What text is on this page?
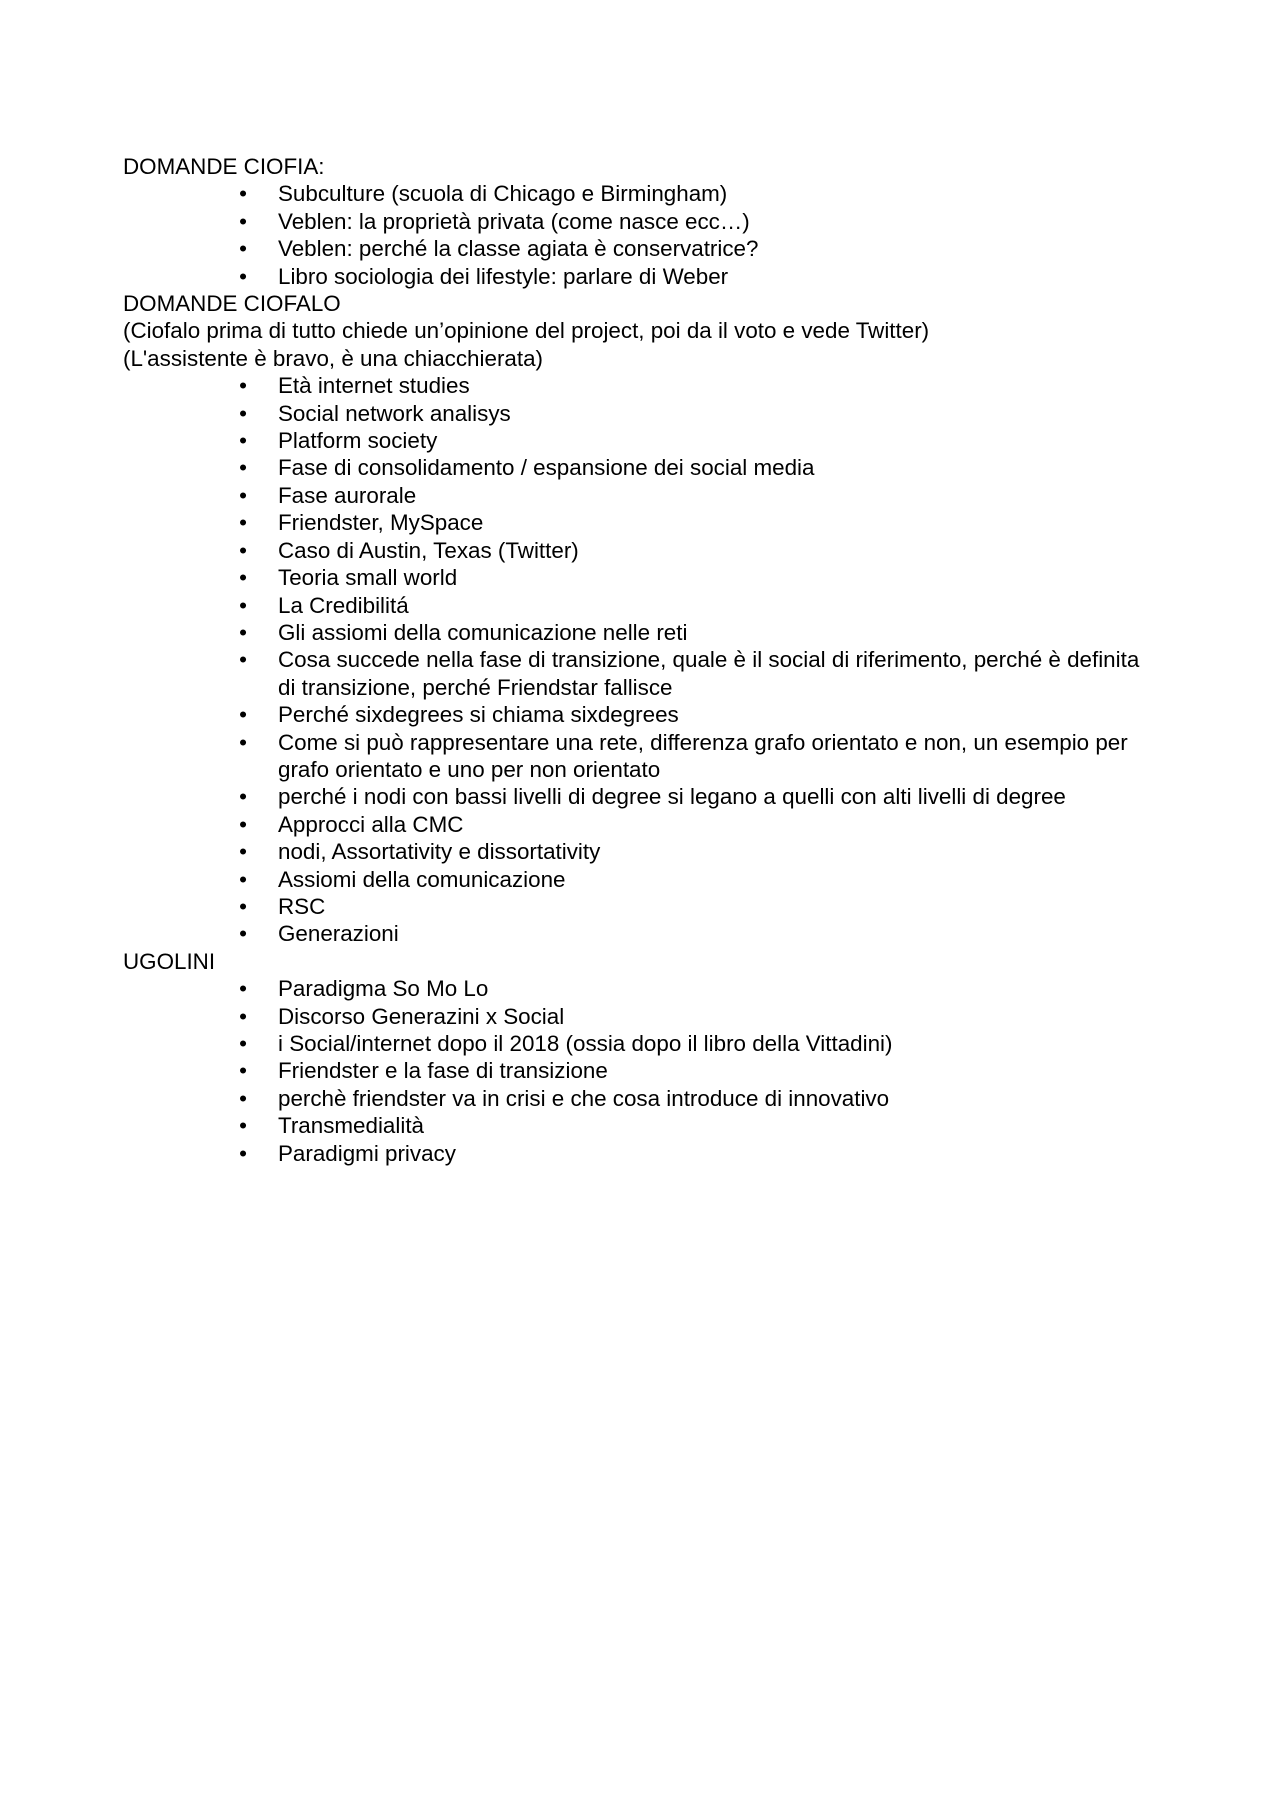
DOMANDE CIOFIA:

• Subculture (scuola di Chicago e Birmingham)
• Veblen: la proprietà privata (come nasce ecc…)
• Veblen: perché la classe agiata è conservatrice?
• Libro sociologia dei lifestyle: parlare di Weber

DOMANDE CIOFALO

(Ciofalo prima di tutto chiede un’opinione del project, poi da il voto e vede Twitter)

(L'assistente è bravo, è una chiacchierata)

• Età internet studies
• Social network analisys
• Platform society
• Fase di consolidamento / espansione dei social media
• Fase aurorale
• Friendster, MySpace
• Caso di Austin, Texas (Twitter)
• Teoria small world
• La Credibilitá
• Gli assiomi della comunicazione nelle reti
• Cosa succede nella fase di transizione, quale è il social di riferimento, perché è definita di transizione, perché Friendstar fallisce
• Perché sixdegrees si chiama sixdegrees
• Come si può rappresentare una rete, differenza grafo orientato e non, un esempio per grafo orientato e uno per non orientato
• perché i nodi con bassi livelli di degree si legano a quelli con alti livelli di degree
• Approcci alla CMC
• nodi, Assortativity e dissortativity
• Assiomi della comunicazione
• RSC
• Generazioni

UGOLINI

• Paradigma So Mo Lo
• Discorso Generazini x Social
• i Social/internet dopo il 2018 (ossia dopo il libro della Vittadini)
• Friendster e la fase di transizione
• perchè friendster va in crisi e che cosa introduce di innovativo
• Transmedialità
• Paradigmi privacy
